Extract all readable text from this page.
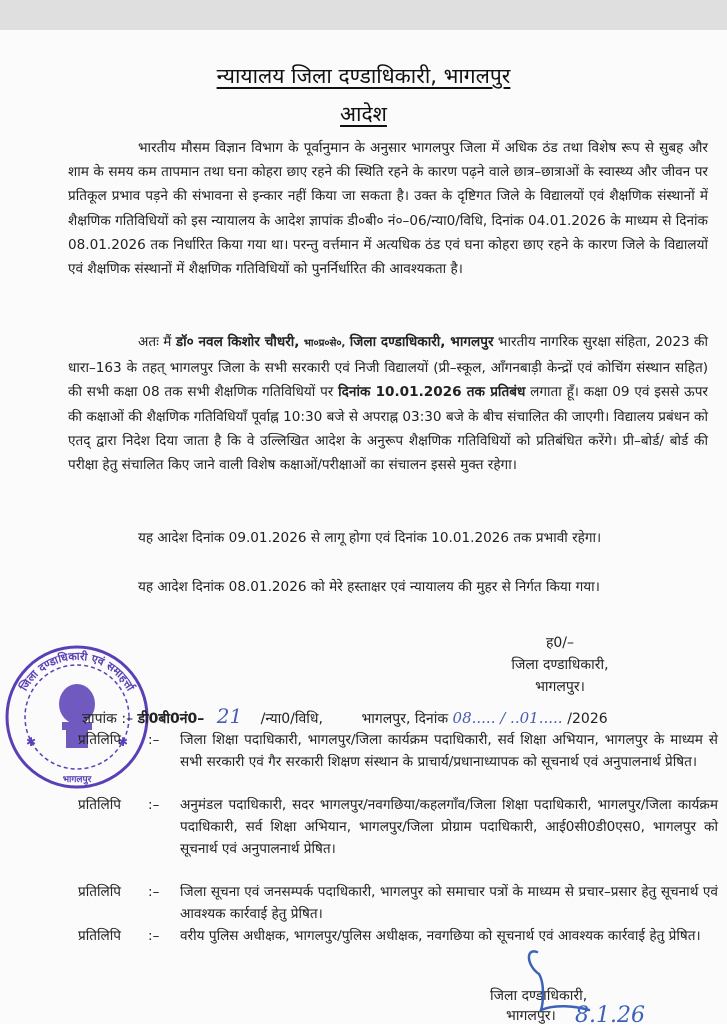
न्यायालय जिला दण्डाधिकारी, भागलपुर
आदेश
भारतीय मौसम विज्ञान विभाग के पूर्वानुमान के अनुसार भागलपुर जिला में अधिक ठंड तथा विशेष रूप से सुबह और शाम के समय कम तापमान तथा घना कोहरा छाए रहने की स्थिति रहने के कारण पढ़ने वाले छात्र–छात्राओं के स्वास्थ्य और जीवन पर प्रतिकूल प्रभाव पड़ने की संभावना से इन्कार नहीं किया जा सकता है। उक्त के दृष्टिगत जिले के विद्यालयों एवं शैक्षणिक संस्थानों में शैक्षणिक गतिविधियों को इस न्यायालय के आदेश ज्ञापांक डी०बी० नं०–06/न्या0/विधि, दिनांक 04.01.2026 के माध्यम से दिनांक 08.01.2026 तक निर्धारित किया गया था। परन्तु वर्त्तमान में अत्यधिक ठंड एवं घना कोहरा छाए रहने के कारण जिले के विद्यालयों एवं शैक्षणिक संस्थानों में शैक्षणिक गतिविधियों को पुनर्निर्धारित की आवश्यकता है।
अतः मैं डॉ० नवल किशोर चौधरी, भा०प्र०से०, जिला दण्डाधिकारी, भागलपुर भारतीय नागरिक सुरक्षा संहिता, 2023 की धारा–163 के तहत् भागलपुर जिला के सभी सरकारी एवं निजी विद्यालयों (प्री–स्कूल, आँगनबाड़ी केन्द्रों एवं कोचिंग संस्थान सहित) की सभी कक्षा 08 तक सभी शैक्षणिक गतिविधियों पर दिनांक 10.01.2026 तक प्रतिबंध लगाता हूँ। कक्षा 09 एवं इससे ऊपर की कक्षाओं की शैक्षणिक गतिविधियाँ पूर्वाह्न 10:30 बजे से अपराह्न 03:30 बजे के बीच संचालित की जाएगी। विद्यालय प्रबंधन को एतद् द्वारा निदेश दिया जाता है कि वे उल्लिखित आदेश के अनुरूप शैक्षणिक गतिविधियों को प्रतिबंधित करेंगे। प्री–बोर्ड/ बोर्ड की परीक्षा हेतु संचालित किए जाने वाली विशेष कक्षाओं/परीक्षाओं का संचालन इससे मुक्त रहेगा।
यह आदेश दिनांक 09.01.2026 से लागू होगा एवं दिनांक 10.01.2026 तक प्रभावी रहेगा।
यह आदेश दिनांक 08.01.2026 को मेरे हस्ताक्षर एवं न्यायालय की मुहर से निर्गत किया गया।
ह0/–
जिला दण्डाधिकारी,
भागलपुर।
जिला दण्डाधिकारी एवं समाहर्त्ता
भागलपुर
✱	✱
ज्ञापांक :– डी0बी0नं0– 21 /न्या0/विधि,	भागलपुर, दिनांक 08..... / ..01..... /2026
प्रतिलिपि	:–	जिला शिक्षा पदाधिकारी, भागलपुर/जिला कार्यक्रम पदाधिकारी, सर्व शिक्षा अभियान, भागलपुर के माध्यम से सभी सरकारी एवं गैर सरकारी शिक्षण संस्थान के प्राचार्य/प्रधानाध्यापक को सूचनार्थ एवं अनुपालनार्थ प्रेषित।
प्रतिलिपि	:–	अनुमंडल पदाधिकारी, सदर भागलपुर/नवगछिया/कहलगाँव/जिला शिक्षा पदाधिकारी, भागलपुर/जिला कार्यक्रम पदाधिकारी, सर्व शिक्षा अभियान, भागलपुर/जिला प्रोग्राम पदाधिकारी, आई0सी0डी0एस0, भागलपुर को सूचनार्थ एवं अनुपालनार्थ प्रेषित।
प्रतिलिपि	:–	जिला सूचना एवं जनसम्पर्क पदाधिकारी, भागलपुर को समाचार पत्रों के माध्यम से प्रचार–प्रसार हेतु सूचनार्थ एवं आवश्यक कार्रवाई हेतु प्रेषित।
प्रतिलिपि	:–	वरीय पुलिस अधीक्षक, भागलपुर/पुलिस अधीक्षक, नवगछिया को सूचनार्थ एवं आवश्यक कार्रवाई हेतु प्रेषित।
जिला दण्डाधिकारी,
भागलपुर। 8.1.26
